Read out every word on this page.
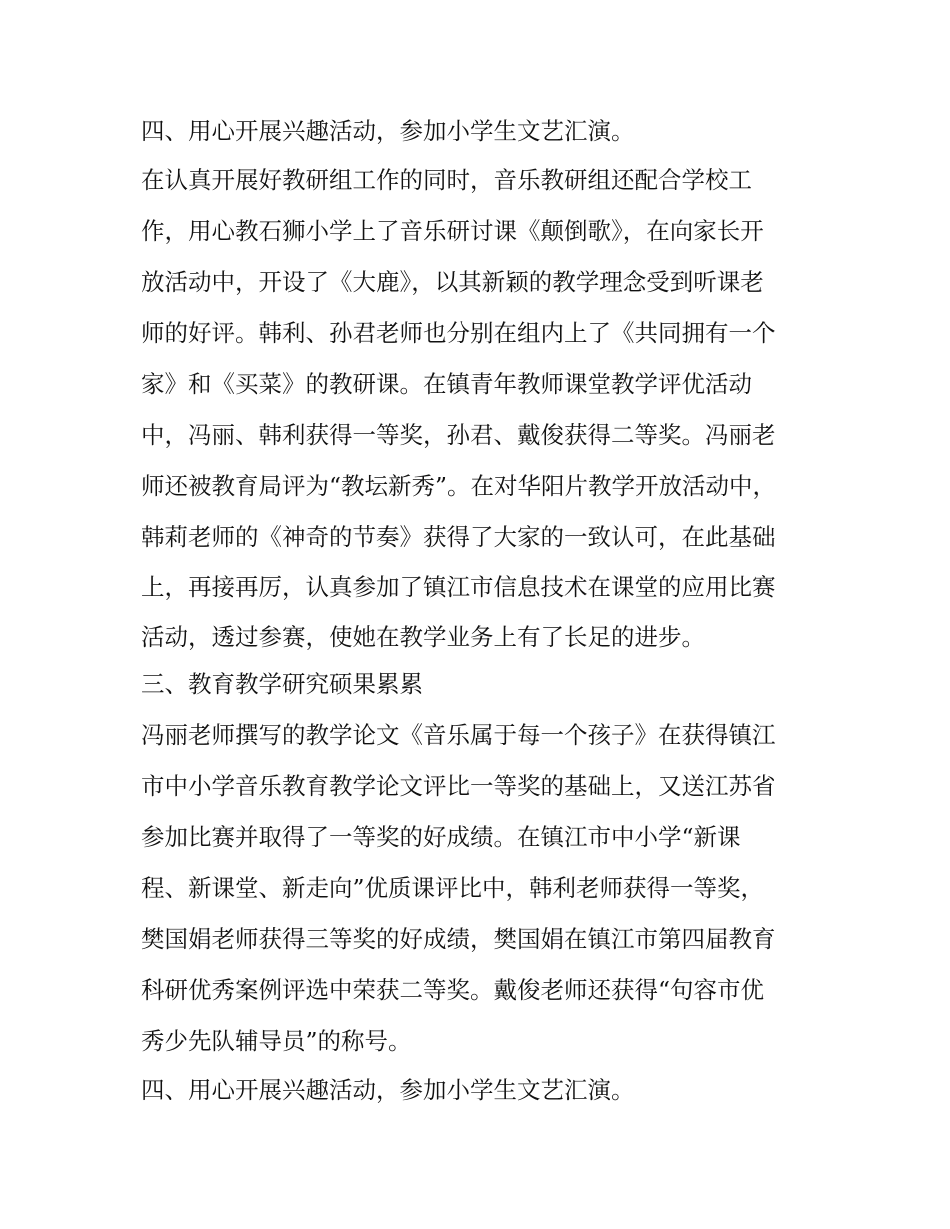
四、用心开展兴趣活动，参加小学生文艺汇演。

在认真开展好教研组工作的同时，音乐教研组还配合学校工

作，用心教石狮小学上了音乐研讨课《颠倒歌》，在向家长开

放活动中，开设了《大鹿》，以其新颖的教学理念受到听课老

师的好评。韩利、孙君老师也分别在组内上了《共同拥有一个

家》和《买菜》的教研课。在镇青年教师课堂教学评优活动

中，冯丽、韩利获得一等奖，孙君、戴俊获得二等奖。冯丽老

师还被教育局评为“教坛新秀”。在对华阳片教学开放活动中，

韩莉老师的《神奇的节奏》获得了大家的一致认可，在此基础

上，再接再厉，认真参加了镇江市信息技术在课堂的应用比赛

活动，透过参赛，使她在教学业务上有了长足的进步。

三、教育教学研究硕果累累

冯丽老师撰写的教学论文《音乐属于每一个孩子》在获得镇江

市中小学音乐教育教学论文评比一等奖的基础上，又送江苏省

参加比赛并取得了一等奖的好成绩。在镇江市中小学“新课

程、新课堂、新走向”优质课评比中，韩利老师获得一等奖，

樊国娟老师获得三等奖的好成绩，樊国娟在镇江市第四届教育

科研优秀案例评选中荣获二等奖。戴俊老师还获得“句容市优

秀少先队辅导员”的称号。

四、用心开展兴趣活动，参加小学生文艺汇演。
